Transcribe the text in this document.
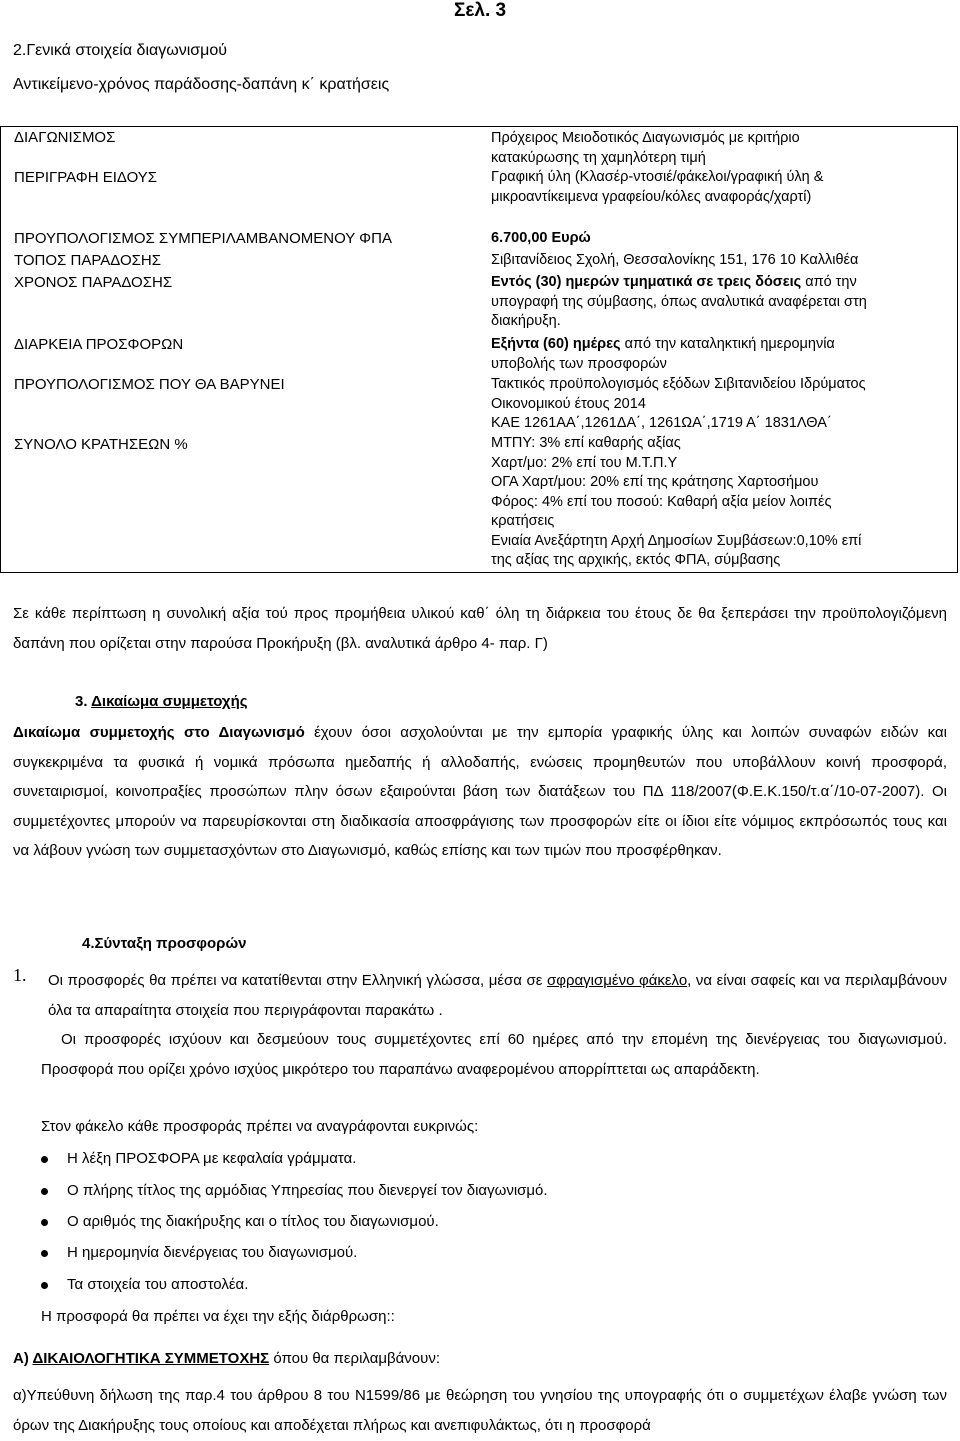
Σελ. 3
2.Γενικά στοιχεία διαγωνισμού
Αντικείμενο-χρόνος παράδοσης-δαπάνη κ΄ κρατήσεις
ΔΙΑΓΩΝΙΣΜΟΣ	Πρόχειρος Μειοδοτικός Διαγωνισμός με κριτήριο
κατακύρωσης τη χαμηλότερη τιμή
ΠΕΡΙΓΡΑΦΗ ΕΙΔΟΥΣ	Γραφική ύλη (Κλασέρ-ντοσιέ/φάκελοι/γραφική ύλη &
μικροαντίκειμενα γραφείου/κόλες αναφοράς/χαρτί)
ΠΡΟΥΠΟΛΟΓΙΣΜΟΣ ΣΥΜΠΕΡΙΛΑΜΒΑΝΟΜΕΝΟΥ ΦΠΑ	6.700,00 Ευρώ
ΤΟΠΟΣ ΠΑΡΑΔΟΣΗΣ	Σιβιτανίδειος Σχολή, Θεσσαλονίκης 151, 176 10 Καλλιθέα
ΧΡΟΝΟΣ ΠΑΡΑΔΟΣΗΣ	Εντός (30) ημερών τμηματικά σε τρεις δόσεις από την
υπογραφή της σύμβασης, όπως αναλυτικά αναφέρεται στη
διακήρυξη.
ΔΙΑΡΚΕΙΑ ΠΡΟΣΦΟΡΩΝ	Εξήντα (60) ημέρες από την καταληκτική ημερομηνία
υποβολής των προσφορών
ΠΡΟΥΠΟΛΟΓΙΣΜΟΣ ΠΟΥ ΘΑ ΒΑΡΥΝΕΙ	Τακτικός προϋπολογισμός εξόδων Σιβιτανιδείου Ιδρύματος
Οικονομικού έτους 2014
ΚΑΕ 1261ΑΑ΄,1261ΔΑ΄, 1261ΩΑ΄,1719 Α΄ 1831ΛΘΑ΄
ΣΥΝΟΛΟ ΚΡΑΤΗΣΕΩΝ %	ΜΤΠΥ: 3% επί καθαρής αξίας
Χαρτ/μο: 2% επί του Μ.Τ.Π.Υ
ΟΓΑ Χαρτ/μου: 20% επί της κράτησης Χαρτοσήμου
Φόρος: 4% επί του ποσού: Καθαρή αξία μείον λοιπές
κρατήσεις
Ενιαία Ανεξάρτητη Αρχή Δημοσίων Συμβάσεων:0,10% επί
της αξίας της αρχικής, εκτός ΦΠΑ, σύμβασης
Σε κάθε περίπτωση η συνολική αξία τού προς προμήθεια υλικού καθ΄ όλη τη διάρκεια του έτους δε θα ξεπεράσει την προϋπολογιζόμενη δαπάνη που ορίζεται στην παρούσα Προκήρυξη (βλ. αναλυτικά άρθρο 4- παρ. Γ)
3. Δικαίωμα συμμετοχής
Δικαίωμα συμμετοχής στο Διαγωνισμό έχουν όσοι ασχολούνται με την εμπορία γραφικής ύλης και λοιπών συναφών ειδών και συγκεκριμένα τα φυσικά ή νομικά πρόσωπα ημεδαπής ή αλλοδαπής, ενώσεις προμηθευτών που υποβάλλουν κοινή προσφορά, συνεταιρισμοί, κοινοπραξίες προσώπων πλην όσων εξαιρούνται βάση των διατάξεων του ΠΔ 118/2007(Φ.Ε.Κ.150/τ.α΄/10-07-2007). Οι συμμετέχοντες μπορούν να παρευρίσκονται στη διαδικασία αποσφράγισης των προσφορών είτε οι ίδιοι είτε νόμιμος εκπρόσωπός τους και να λάβουν γνώση των συμμετασχόντων στο Διαγωνισμό, καθώς επίσης και των τιμών που προσφέρθηκαν.
4.Σύνταξη προσφορών
1. Οι προσφορές θα πρέπει να κατατίθενται στην Ελληνική γλώσσα, μέσα σε σφραγισμένο φάκελο, να είναι σαφείς και να περιλαμβάνουν όλα τα απαραίτητα στοιχεία που περιγράφονται παρακάτω .
Οι προσφορές ισχύουν και δεσμεύουν τους συμμετέχοντες επί 60 ημέρες από την επομένη της διενέργειας του διαγωνισμού. Προσφορά που ορίζει χρόνο ισχύος μικρότερο του παραπάνω αναφερομένου απορρίπτεται ως απαράδεκτη.
Στον φάκελο κάθε προσφοράς πρέπει να αναγράφονται ευκρινώς:
Η λέξη ΠΡΟΣΦΟΡΑ με κεφαλαία γράμματα.
Ο πλήρης τίτλος της αρμόδιας Υπηρεσίας που διενεργεί τον διαγωνισμό.
Ο αριθμός της διακήρυξης και ο τίτλος του διαγωνισμού.
Η ημερομηνία διενέργειας του διαγωνισμού.
Τα στοιχεία του αποστολέα.
Η προσφορά θα πρέπει να έχει την εξής διάρθρωση::
Α) ΔΙΚΑΙΟΛΟΓΗΤΙΚΑ ΣΥΜΜΕΤΟΧΗΣ όπου θα περιλαμβάνουν:
α)Υπεύθυνη δήλωση της παρ.4 του άρθρου 8 του Ν1599/86 με θεώρηση του γνησίου της υπογραφής ότι ο συμμετέχων έλαβε γνώση των όρων της Διακήρυξης τους οποίους και αποδέχεται πλήρως και ανεπιφυλάκτως, ότι η προσφορά
